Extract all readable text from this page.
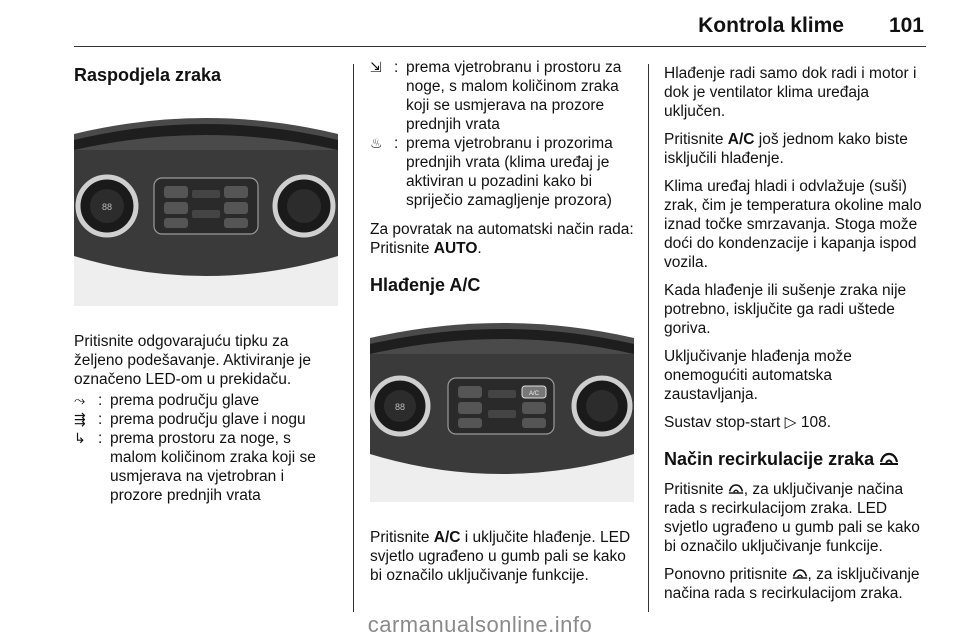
Kontrola klime 101
Raspodjela zraka
88

Pritisnite odgovarajuću tipku za željeno podešavanje. Aktiviranje je označeno LED-om u prekidaču.

⤳ : prema području glave
⇶ : prema području glave i nogu
↳ : prema prostoru za noge, s malom količinom zraka koji se usmjerava na vjetrobran i prozore prednjih vrata
⇲ : prema vjetrobranu i prostoru za noge, s malom količinom zraka koji se usmjerava na prozore prednjih vrata
♨ : prema vjetrobranu i prozorima prednjih vrata (klima uređaj je aktiviran u pozadini kako bi spriječio zamagljenje prozora)

Za povratak na automatski način rada: Pritisnite AUTO.

Hlađenje A/C
88
A/C

Pritisnite A/C i uključite hlađenje. LED svjetlo ugrađeno u gumb pali se kako bi označilo uključivanje funkcije.

Hlađenje radi samo dok radi i motor i dok je ventilator klima uređaja uključen.

Pritisnite A/C još jednom kako biste isključili hlađenje.

Klima uređaj hladi i odvlažuje (suši) zrak, čim je temperatura okoline malo iznad točke smrzavanja. Stoga može doći do kondenzacije i kapanja ispod vozila.

Kada hlađenje ili sušenje zraka nije potrebno, isključite ga radi uštede goriva.

Uključivanje hlađenja može onemogućiti automatska zaustavljanja.

Sustav stop-start ▷ 108.

Način recirkulacije zraka

Pritisnite , za uključivanje načina rada s recirkulacijom zraka. LED svjetlo ugrađeno u gumb pali se kako bi označilo uključivanje funkcije.

Ponovno pritisnite , za isključivanje načina rada s recirkulacijom zraka.

carmanualsonline.info
